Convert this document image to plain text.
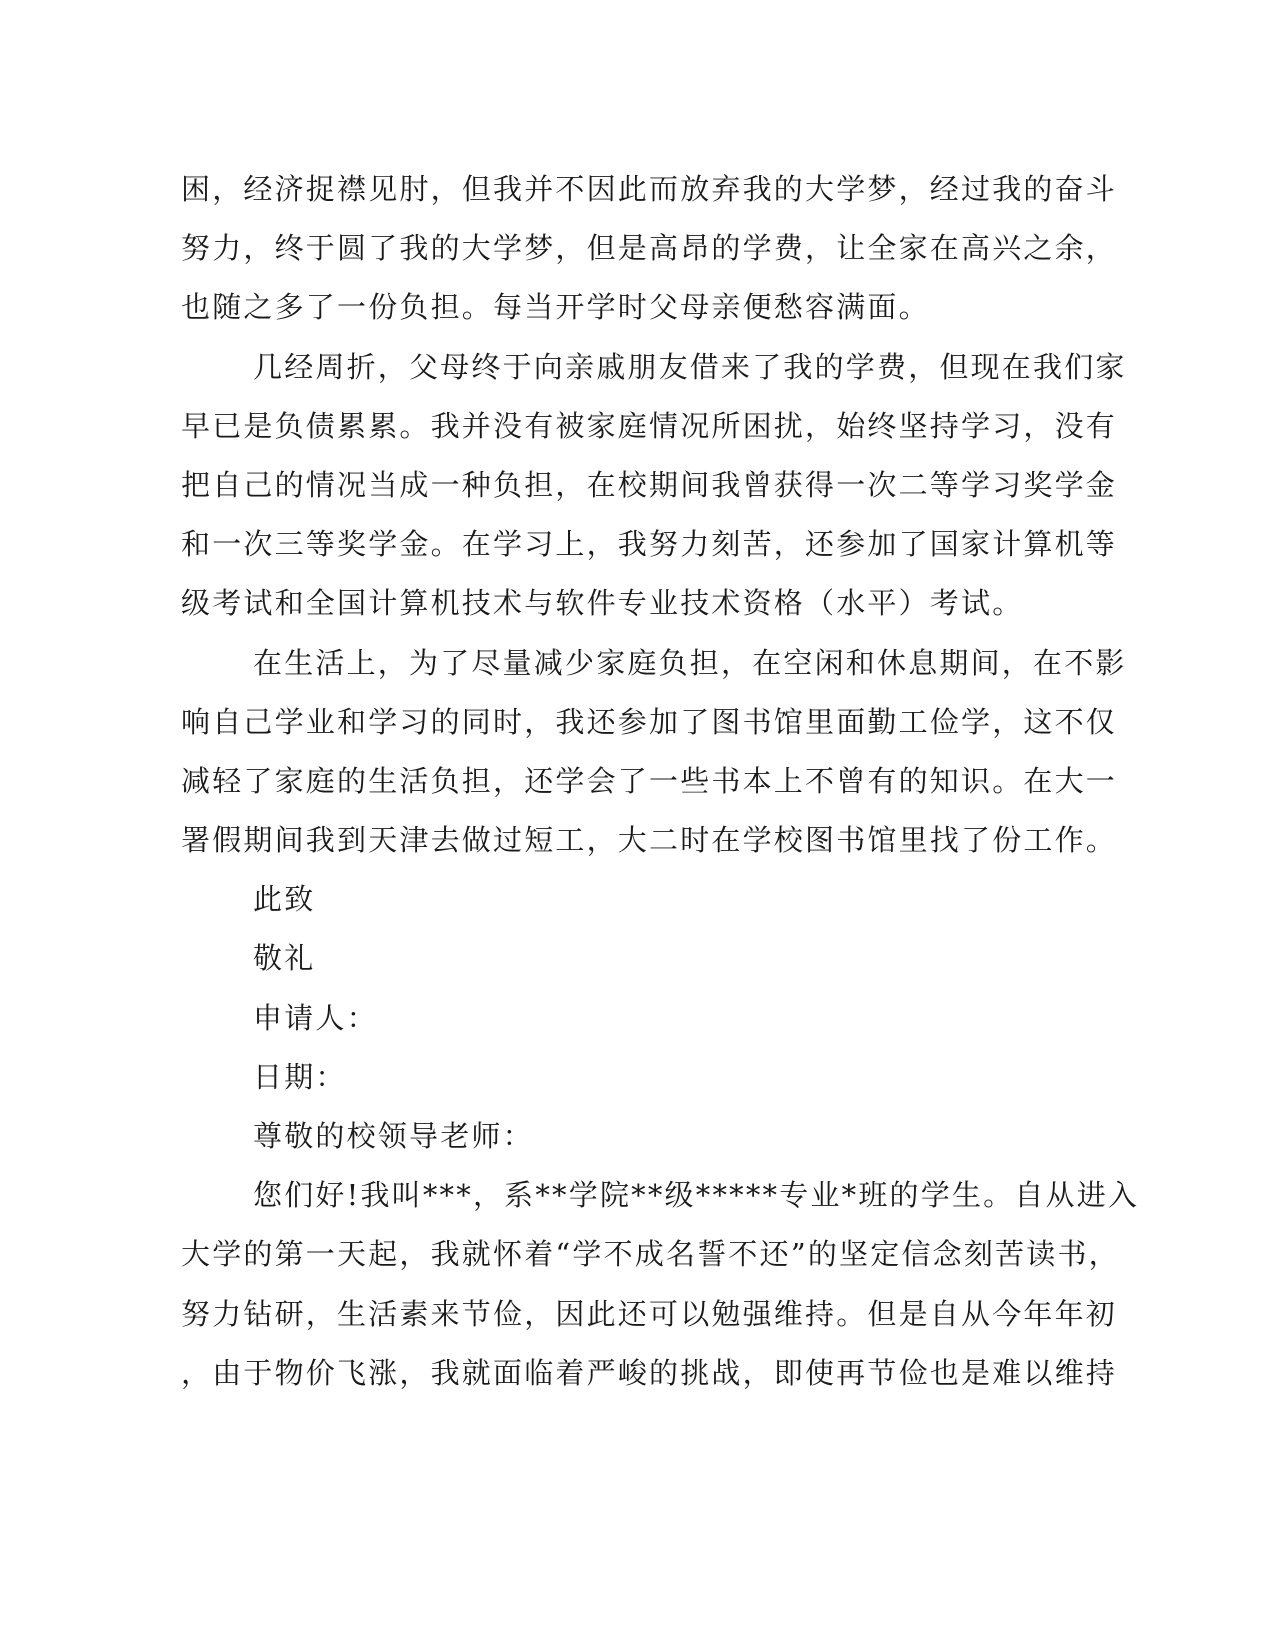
困，经济捉襟见肘，但我并不因此而放弃我的大学梦，经过我的奋斗
努力，终于圆了我的大学梦，但是高昂的学费，让全家在高兴之余，
也随之多了一份负担。每当开学时父母亲便愁容满面。
几经周折，父母终于向亲戚朋友借来了我的学费，但现在我们家
早已是负债累累。我并没有被家庭情况所困扰，始终坚持学习，没有
把自己的情况当成一种负担，在校期间我曾获得一次二等学习奖学金
和一次三等奖学金。在学习上，我努力刻苦，还参加了国家计算机等
级考试和全国计算机技术与软件专业技术资格（水平）考试。
在生活上，为了尽量减少家庭负担，在空闲和休息期间，在不影
响自己学业和学习的同时，我还参加了图书馆里面勤工俭学，这不仅
减轻了家庭的生活负担，还学会了一些书本上不曾有的知识。在大一
署假期间我到天津去做过短工，大二时在学校图书馆里找了份工作。
此致
敬礼
申请人：
日期：
尊敬的校领导老师：
您们好!我叫***，系**学院**级*****专业*班的学生。自从进入
大学的第一天起，我就怀着“学不成名誓不还”的坚定信念刻苦读书，
努力钻研，生活素来节俭，因此还可以勉强维持。但是自从今年年初
，由于物价飞涨，我就面临着严峻的挑战，即使再节俭也是难以维持
